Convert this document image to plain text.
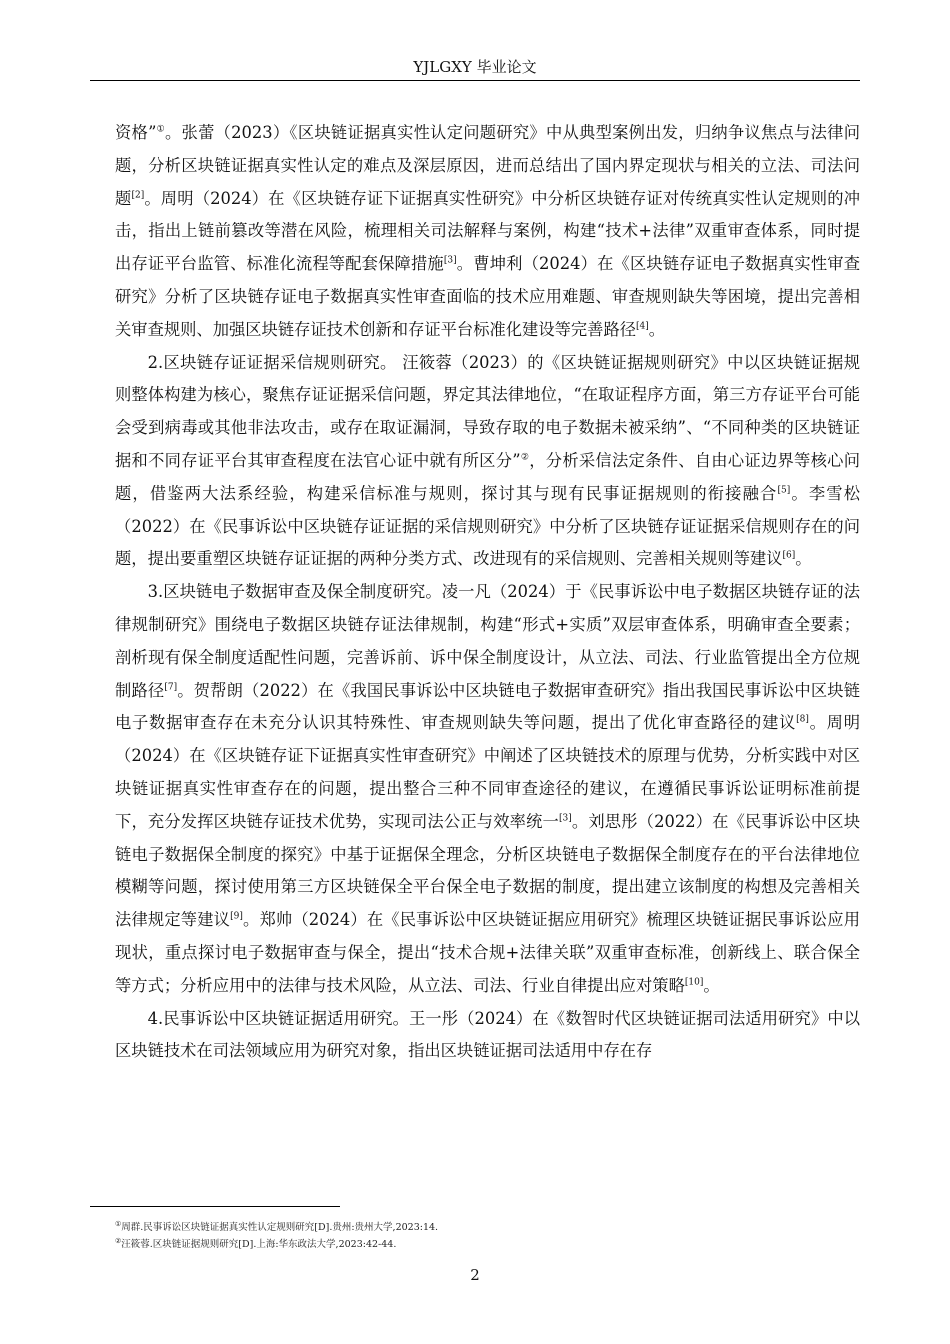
YJLGXY 毕业论文

资格”①。张蕾（2023）《区块链证据真实性认定问题研究》中从典型案例出发，归纳争议焦点与法律问题，分析区块链证据真实性认定的难点及深层原因，进而总结出了国内界定现状与相关的立法、司法问题[2]。周明（2024）在《区块链存证下证据真实性研究》中分析区块链存证对传统真实性认定规则的冲击，指出上链前篡改等潜在风险，梳理相关司法解释与案例，构建“技术+法律”双重审查体系，同时提出存证平台监管、标准化流程等配套保障措施[3]。曹坤利（2024）在《区块链存证电子数据真实性审查研究》分析了区块链存证电子数据真实性审查面临的技术应用难题、审查规则缺失等困境，提出完善相关审查规则、加强区块链存证技术创新和存证平台标准化建设等完善路径[4]。

2.区块链存证证据采信规则研究。 汪筱蓉（2023）的《区块链证据规则研究》中以区块链证据规则整体构建为核心，聚焦存证证据采信问题，界定其法律地位，“在取证程序方面，第三方存证平台可能会受到病毒或其他非法攻击，或存在取证漏洞，导致存取的电子数据未被采纳”、“不同种类的区块链证据和不同存证平台其审查程度在法官心证中就有所区分”②，分析采信法定条件、自由心证边界等核心问题，借鉴两大法系经验，构建采信标准与规则，探讨其与现有民事证据规则的衔接融合[5]。李雪松（2022）在《民事诉讼中区块链存证证据的采信规则研究》中分析了区块链存证证据采信规则存在的问题，提出要重塑区块链存证证据的两种分类方式、改进现有的采信规则、完善相关规则等建议[6]。

3.区块链电子数据审查及保全制度研究。凌一凡（2024）于《民事诉讼中电子数据区块链存证的法律规制研究》围绕电子数据区块链存证法律规制，构建“形式+实质”双层审查体系，明确审查全要素；剖析现有保全制度适配性问题，完善诉前、诉中保全制度设计，从立法、司法、行业监管提出全方位规制路径[7]。贺帮朗（2022）在《我国民事诉讼中区块链电子数据审查研究》指出我国民事诉讼中区块链电子数据审查存在未充分认识其特殊性、审查规则缺失等问题，提出了优化审查路径的建议[8]。周明（2024）在《区块链存证下证据真实性审查研究》中阐述了区块链技术的原理与优势，分析实践中对区块链证据真实性审查存在的问题，提出整合三种不同审查途径的建议，在遵循民事诉讼证明标准前提下，充分发挥区块链存证技术优势，实现司法公正与效率统一[3]。刘思彤（2022）在《民事诉讼中区块链电子数据保全制度的探究》中基于证据保全理念，分析区块链电子数据保全制度存在的平台法律地位模糊等问题，探讨使用第三方区块链保全平台保全电子数据的制度，提出建立该制度的构想及完善相关法律规定等建议[9]。郑帅（2024）在《民事诉讼中区块链证据应用研究》梳理区块链证据民事诉讼应用现状，重点探讨电子数据审查与保全，提出“技术合规+法律关联”双重审查标准，创新线上、联合保全等方式；分析应用中的法律与技术风险，从立法、司法、行业自律提出应对策略[10]。

4.民事诉讼中区块链证据适用研究。王一彤（2024）在《数智时代区块链证据司法适用研究》中以区块链技术在司法领域应用为研究对象，指出区块链证据司法适用中存在存

①周群.民事诉讼区块链证据真实性认定规则研究[D].贵州:贵州大学,2023:14.
②汪筱蓉.区块链证据规则研究[D].上海:华东政法大学,2023:42-44.
2
